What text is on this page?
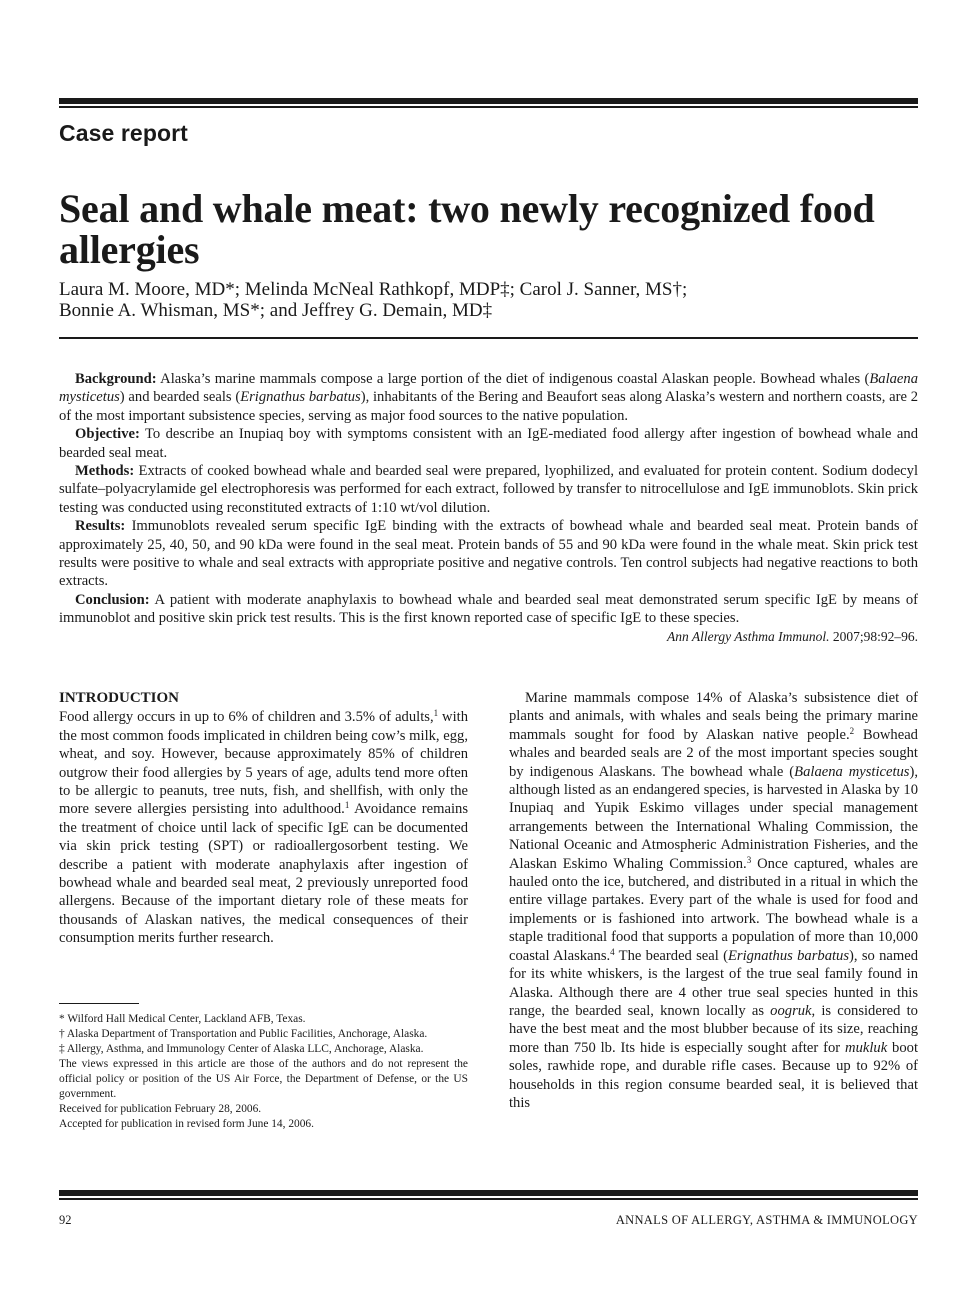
Case report
Seal and whale meat: two newly recognized food allergies
Laura M. Moore, MD*; Melinda McNeal Rathkopf, MDP‡; Carol J. Sanner, MS†;
Bonnie A. Whisman, MS*; and Jeffrey G. Demain, MD‡

Background: Alaska’s marine mammals compose a large portion of the diet of indigenous coastal Alaskan people. Bowhead whales (Balaena mysticetus) and bearded seals (Erignathus barbatus), inhabitants of the Bering and Beaufort seas along Alaska’s western and northern coasts, are 2 of the most important subsistence species, serving as major food sources to the native population.

Objective: To describe an Inupiaq boy with symptoms consistent with an IgE-mediated food allergy after ingestion of bowhead whale and bearded seal meat.

Methods: Extracts of cooked bowhead whale and bearded seal were prepared, lyophilized, and evaluated for protein content. Sodium dodecyl sulfate–polyacrylamide gel electrophoresis was performed for each extract, followed by transfer to nitrocellulose and IgE immunoblots. Skin prick testing was conducted using reconstituted extracts of 1:10 wt/vol dilution.

Results: Immunoblots revealed serum specific IgE binding with the extracts of bowhead whale and bearded seal meat. Protein bands of approximately 25, 40, 50, and 90 kDa were found in the seal meat. Protein bands of 55 and 90 kDa were found in the whale meat. Skin prick test results were positive to whale and seal extracts with appropriate positive and negative controls. Ten control subjects had negative reactions to both extracts.

Conclusion: A patient with moderate anaphylaxis to bowhead whale and bearded seal meat demonstrated serum specific IgE by means of immunoblot and positive skin prick test results. This is the first known reported case of specific IgE to these species.

Ann Allergy Asthma Immunol. 2007;98:92–96.
INTRODUCTION

Food allergy occurs in up to 6% of children and 3.5% of adults,$^1$ with the most common foods implicated in children being cow’s milk, egg, wheat, and soy. However, because approximately 85% of children outgrow their food allergies by 5 years of age, adults tend more often to be allergic to peanuts, tree nuts, fish, and shellfish, with only the more severe allergies persisting into adulthood.$^1$ Avoidance remains the treatment of choice until lack of specific IgE can be documented via skin prick testing (SPT) or radioallergosorbent testing. We describe a patient with moderate anaphylaxis after ingestion of bowhead whale and bearded seal meat, 2 previously unreported food allergens. Because of the important dietary role of these meats for thousands of Alaskan natives, the medical consequences of their consumption merits further research.

* Wilford Hall Medical Center, Lackland AFB, Texas.
† Alaska Department of Transportation and Public Facilities, Anchorage, Alaska.
‡ Allergy, Asthma, and Immunology Center of Alaska LLC, Anchorage, Alaska.
The views expressed in this article are those of the authors and do not represent the official policy or position of the US Air Force, the Department of Defense, or the US government.
Received for publication February 28, 2006.
Accepted for publication in revised form June 14, 2006.

Marine mammals compose 14% of Alaska’s subsistence diet of plants and animals, with whales and seals being the primary marine mammals sought for food by Alaskan native people.$^2$ Bowhead whales and bearded seals are 2 of the most important species sought by indigenous Alaskans. The bowhead whale (Balaena mysticetus), although listed as an endangered species, is harvested in Alaska by 10 Inupiaq and Yupik Eskimo villages under special management arrangements between the International Whaling Commission, the National Oceanic and Atmospheric Administration Fisheries, and the Alaskan Eskimo Whaling Commission.$^3$ Once captured, whales are hauled onto the ice, butchered, and distributed in a ritual in which the entire village partakes. Every part of the whale is used for food and implements or is fashioned into artwork. The bowhead whale is a staple traditional food that supports a population of more than 10,000 coastal Alaskans.$^4$ The bearded seal (Erignathus barbatus), so named for its white whiskers, is the largest of the true seal family found in Alaska. Although there are 4 other true seal species hunted in this range, the bearded seal, known locally as oogruk, is considered to have the best meat and the most blubber because of its size, reaching more than 750 lb. Its hide is especially sought after for mukluk boot soles, rawhide rope, and durable rifle cases. Because up to 92% of households in this region consume bearded seal, it is believed that this

92	ANNALS OF ALLERGY, ASTHMA & IMMUNOLOGY
